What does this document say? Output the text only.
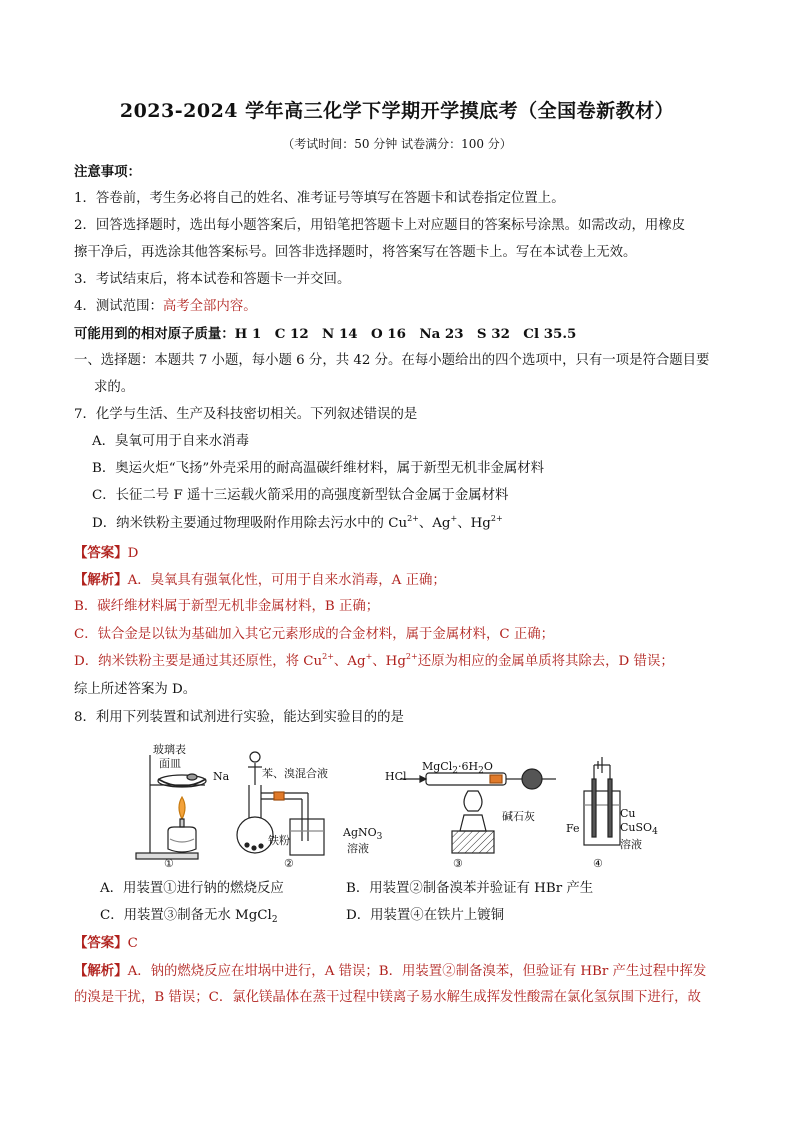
2023-2024 学年高三化学下学期开学摸底考（全国卷新教材）
（考试时间：50 分钟 试卷满分：100 分）
注意事项：
1．答卷前，考生务必将自己的姓名、准考证号等填写在答题卡和试卷指定位置上。
2．回答选择题时，选出每小题答案后，用铅笔把答题卡上对应题目的答案标号涂黑。如需改动，用橡皮
擦干净后，再选涂其他答案标号。回答非选择题时，将答案写在答题卡上。写在本试卷上无效。
3．考试结束后，将本试卷和答题卡一并交回。
4．测试范围：高考全部内容。
可能用到的相对原子质量：H 1　C 12　N 14　O 16　Na 23　S 32　Cl 35.5
一、选择题：本题共 7 小题，每小题 6 分，共 42 分。在每小题给出的四个选项中，只有一项是符合题目要
求的。
7．化学与生活、生产及科技密切相关。下列叙述错误的是
A．臭氧可用于自来水消毒
B．奥运火炬“飞扬”外壳采用的耐高温碳纤维材料，属于新型无机非金属材料
C．长征二号 F 遥十三运载火箭采用的高强度新型钛合金属于金属材料
D．纳米铁粉主要通过物理吸附作用除去污水中的 $Cu^{2+}$、Ag+、$Hg^{2+}$
【答案】D
【解析】A．臭氧具有强氧化性，可用于自来水消毒，A 正确；
B．碳纤维材料属于新型无机非金属材料，B 正确；
C．钛合金是以钛为基础加入其它元素形成的合金材料，属于金属材料，C 正确；
D．纳米铁粉主要是通过其还原性，将 $Cu^{2+}$、Ag+、$Hg^{2+}$还原为相应的金属单质将其除去，D 错误；
综上所述答案为 D。
8．利用下列装置和试剂进行实验，能达到实验目的的是
玻璃表
面皿
Na
①
苯、溴混合液
铁粉
AgNO$_3$
溶液
②
HCl
$MgCl_2\cdot 6H_2O$
碱石灰
③
Fe
Cu
CuSO$_4$
溶液
④
A．用装置①进行钠的燃烧反应	B．用装置②制备溴苯并验证有 HBr 产生
C．用装置③制备无水 MgCl$_2$	D．用装置④在铁片上镀铜
【答案】C
【解析】A．钠的燃烧反应在坩埚中进行，A 错误；B．用装置②制备溴苯，但验证有 HBr 产生过程中挥发
的溴是干扰，B 错误；C．氯化镁晶体在蒸干过程中镁离子易水解生成挥发性酸需在氯化氢氛围下进行，故
